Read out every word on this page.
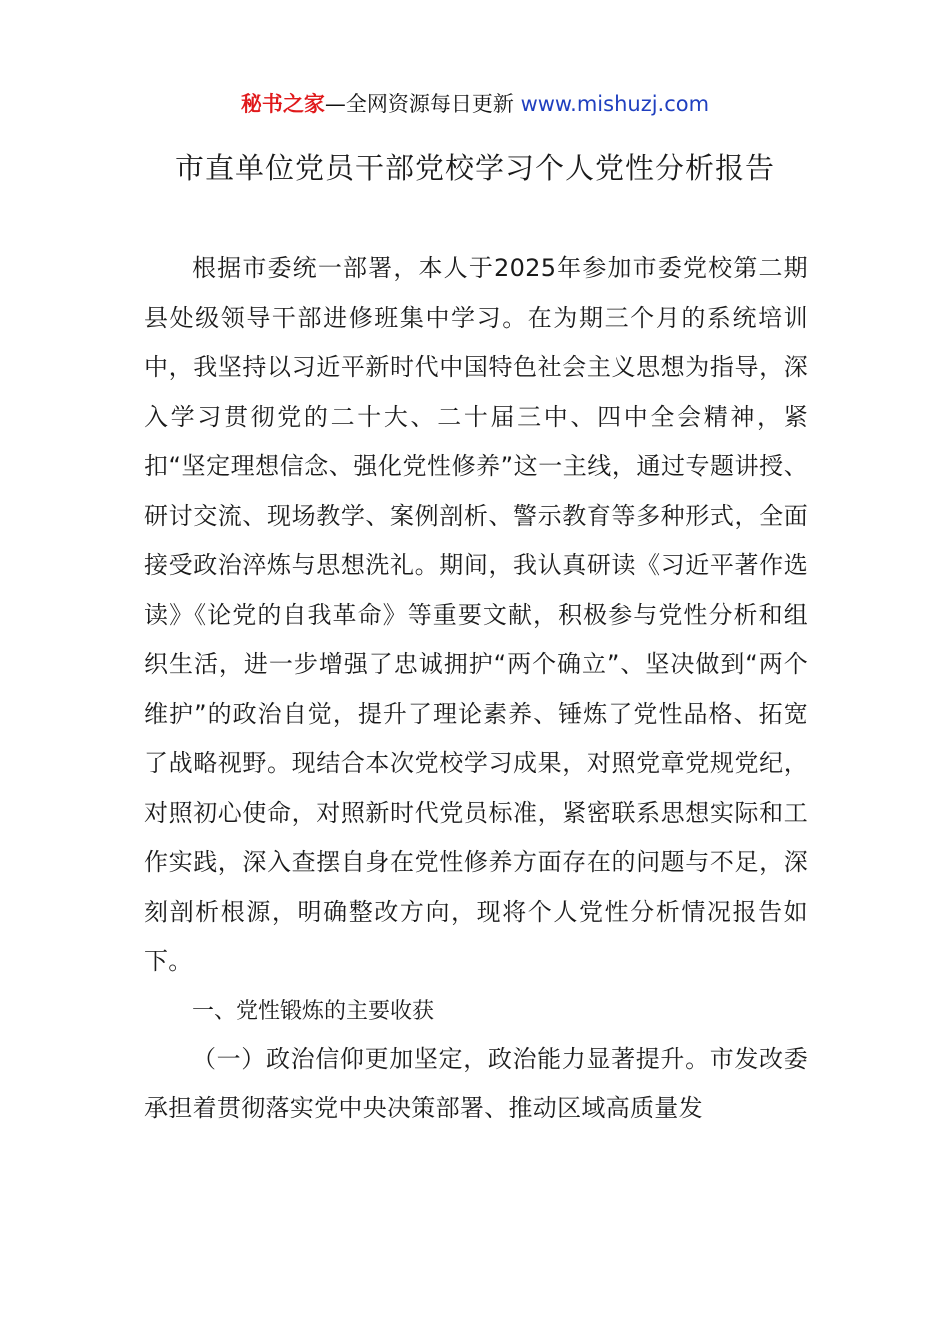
秘书之家—全网资源每日更新 www.mishuzj.com
市直单位党员干部党校学习个人党性分析报告

根据市委统一部署，本人于2025年参加市委党校第二期县处级领导干部进修班集中学习。在为期三个月的系统培训中，我坚持以习近平新时代中国特色社会主义思想为指导，深入学习贯彻党的二十大、二十届三中、四中全会精神，紧扣“坚定理想信念、强化党性修养”这一主线，通过专题讲授、研讨交流、现场教学、案例剖析、警示教育等多种形式，全面接受政治淬炼与思想洗礼。期间，我认真研读《习近平著作选读》《论党的自我革命》等重要文献，积极参与党性分析和组织生活，进一步增强了忠诚拥护“两个确立”、坚决做到“两个维护”的政治自觉，提升了理论素养、锤炼了党性品格、拓宽了战略视野。现结合本次党校学习成果，对照党章党规党纪，对照初心使命，对照新时代党员标准，紧密联系思想实际和工作实践，深入查摆自身在党性修养方面存在的问题与不足，深刻剖析根源，明确整改方向，现将个人党性分析情况报告如下。

一、党性锻炼的主要收获

（一）政治信仰更加坚定，政治能力显著提升。市发改委承担着贯彻落实党中央决策部署、推动区域高质量发
